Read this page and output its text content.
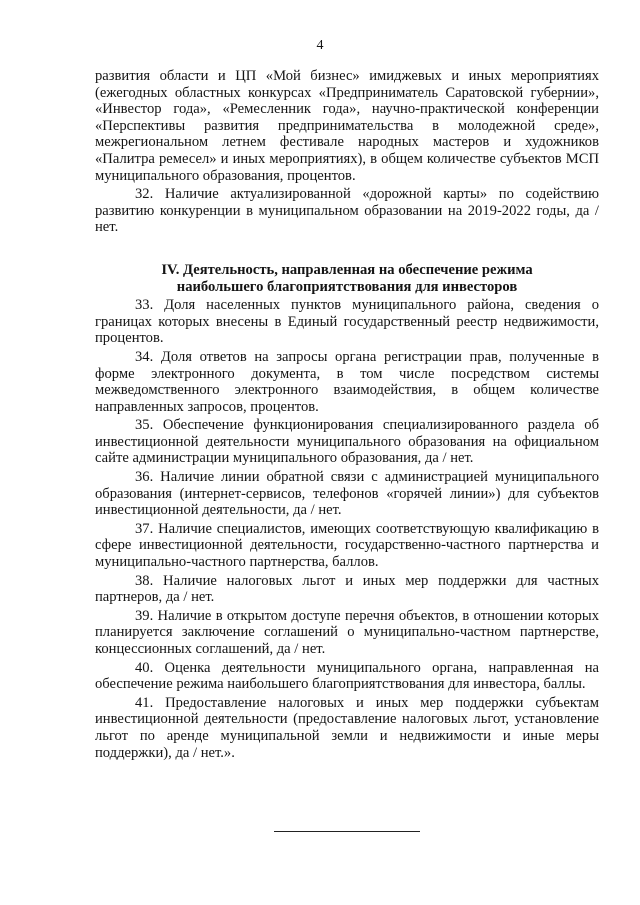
4

развития области и ЦП «Мой бизнес» имиджевых и иных мероприятиях (ежегодных областных конкурсах «Предприниматель Саратовской губернии», «Инвестор года», «Ремесленник года», научно-практической конференции «Перспективы развития предпринимательства в молодежной среде», межрегиональном летнем фестивале народных мастеров и художников «Палитра ремесел» и иных мероприятиях), в общем количестве субъектов МСП муниципального образования, процентов.

32. Наличие актуализированной «дорожной карты» по содействию развитию конкуренции в муниципальном образовании на 2019-2022 годы, да / нет.

IV. Деятельность, направленная на обеспечение режима
наибольшего благоприятствования для инвесторов

33. Доля населенных пунктов муниципального района, сведения о границах которых внесены в Единый государственный реестр недвижимости, процентов.

34. Доля ответов на запросы органа регистрации прав, полученные в форме электронного документа, в том числе посредством системы межведомственного электронного взаимодействия, в общем количестве направленных запросов, процентов.

35. Обеспечение функционирования специализированного раздела об инвестиционной деятельности муниципального образования на официальном сайте администрации муниципального образования, да / нет.

36. Наличие линии обратной связи с администрацией муниципального образования (интернет-сервисов, телефонов «горячей линии») для субъектов инвестиционной деятельности, да / нет.

37. Наличие специалистов, имеющих соответствующую квалификацию в сфере инвестиционной деятельности, государственно-частного партнерства и муниципально-частного партнерства, баллов.

38. Наличие налоговых льгот и иных мер поддержки для частных партнеров, да / нет.

39. Наличие в открытом доступе перечня объектов, в отношении которых планируется заключение соглашений о муниципально-частном партнерстве, концессионных соглашений, да / нет.

40. Оценка деятельности муниципального органа, направленная на обеспечение режима наибольшего благоприятствования для инвестора, баллы.

41. Предоставление налоговых и иных мер поддержки субъектам инвестиционной деятельности (предоставление налоговых льгот, установление льгот по аренде муниципальной земли и недвижимости и иные меры поддержки), да / нет.».
